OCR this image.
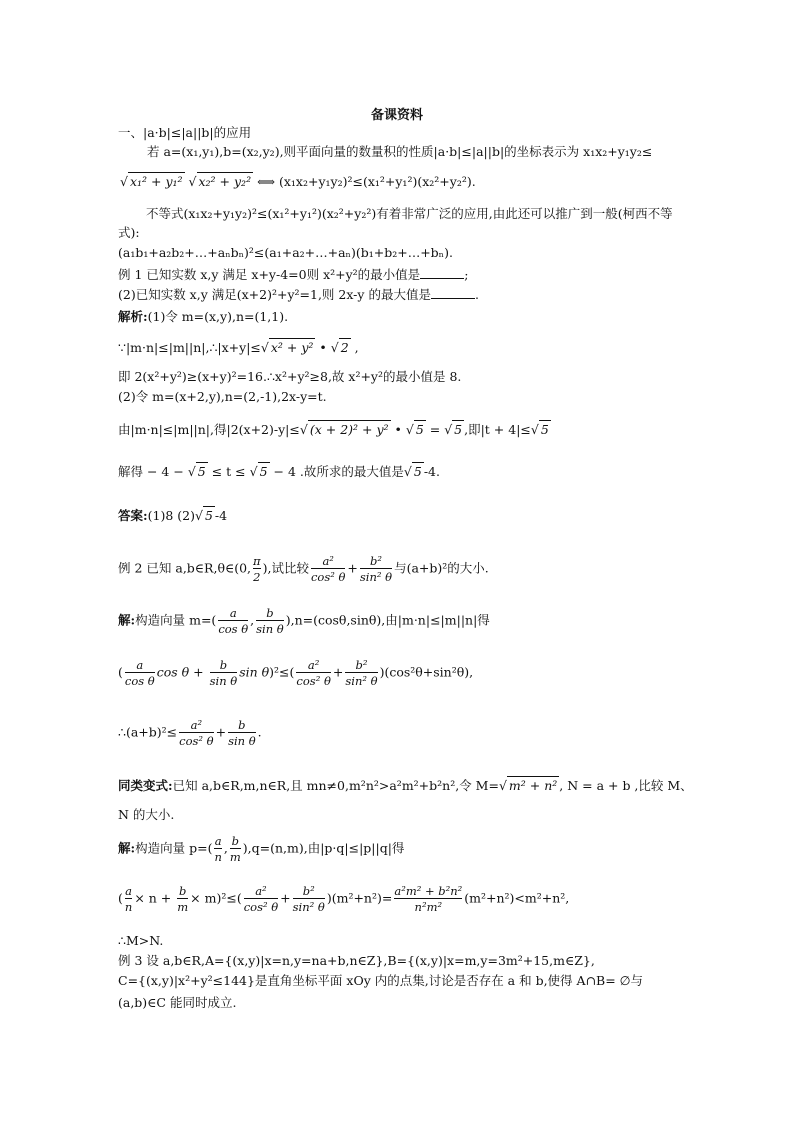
备课资料
一、|a·b|≤|a||b|的应用
若 a=(x₁,y₁),b=(x₂,y₂),则平面向量的数量积的性质|a·b|≤|a||b|的坐标表示为 x₁x₂+y₁y₂≤
√ x₁² + y₁² √ x₂² + y₂² ⟺ (x₁x₂+y₁y₂)²≤(x₁²+y₁²)(x₂²+y₂²).
不等式(x₁x₂+y₁y₂)²≤(x₁²+y₁²)(x₂²+y₂²)有着非常广泛的应用,由此还可以推广到一般(柯西不等式):
(a₁b₁+a₂b₂+…+aₙbₙ)²≤(a₁+a₂+…+aₙ)(b₁+b₂+…+bₙ).
例 1 已知实数 x,y 满足 x+y-4=0则 x²+y²的最小值是	;
(2)已知实数 x,y 满足(x+2)²+y²=1,则 2x-y 的最大值是	.
解析:(1)令 m=(x,y),n=(1,1).
∵|m·n|≤|m||n|,∴|x+y|≤√ x² + y² • √ 2 ,
即 2(x²+y²)≥(x+y)²=16.∴x²+y²≥8,故 x²+y²的最小值是 8.
(2)令 m=(x+2,y),n=(2,-1),2x-y=t.
由|m·n|≤|m||n|,得|2(x+2)-y|≤√ (x + 2)² + y² • √ 5 = √ 5 ,即|t + 4|≤√ 5
解得 − 4 − √ 5 ≤ t ≤ √ 5 − 4 .故所求的最大值是√ 5 -4.
答案:(1)8 (2)√ 5 -4
例 2 已知 a,b∈R,θ∈(0, $\frac{\pi}{2}$ ),试比较 $\frac{\text{a²}}{\text{cos² θ}} + \frac{\text{b²}}{\text{sin² θ}}$ 与(a+b)²的大小.
解:构造向量 $m=( \frac{a}{\text{cos θ}}$ , $\frac{b}{\text{sin θ}} ),n=(\cos\theta,\sin\theta)$,由|m·n|≤|m||n|得
( $\frac{a}{\text{cos θ}}$ $\cos \theta + \frac{b}{\text{sin θ}}$ $\sin \theta)^2\le( \frac{\text{a²}}{\text{cos² θ}} + \frac{\text{b²}}{\text{sin² θ}} )(\cos^2\theta+\sin^2\theta)$,
∴(a+b)²≤ $\frac{\text{a²}}{\text{cos² θ}} + \frac{b}{\text{sin θ}}$ .
同类变式:已知 a,b∈R,m,n∈R,且 mn≠0,m²n²>a²m²+b²n²,令 M=√ m² + n² , N = a + b ,比较 M、
N 的大小.
解:构造向量 $p=( \frac{a}{n}$ , $\frac{b}{m} ),q=(n,m)$,由|p·q|≤|p||q|得
( $\frac{a}{n} \times n + \frac{b}{m} \times m)^2\le( \frac{\text{a²}}{\text{cos² θ}} + \frac{\text{b²}}{\text{sin² θ}} )(m^2+n^2)= \frac{\text{a²m² + b²n²}}{\text{n²m²}} (m^2+n^2)<m^2+n^2$,
∴M>N.
例 3 设 a,b∈R,A={(x,y)|x=n,y=na+b,n∈Z},B={(x,y)|x=m,y=3m²+15,m∈Z},
C={(x,y)|x²+y²≤144}是直角坐标平面 xOy 内的点集,讨论是否存在 a 和 b,使得 A∩B= ∅与
(a,b)∈C 能同时成立.
